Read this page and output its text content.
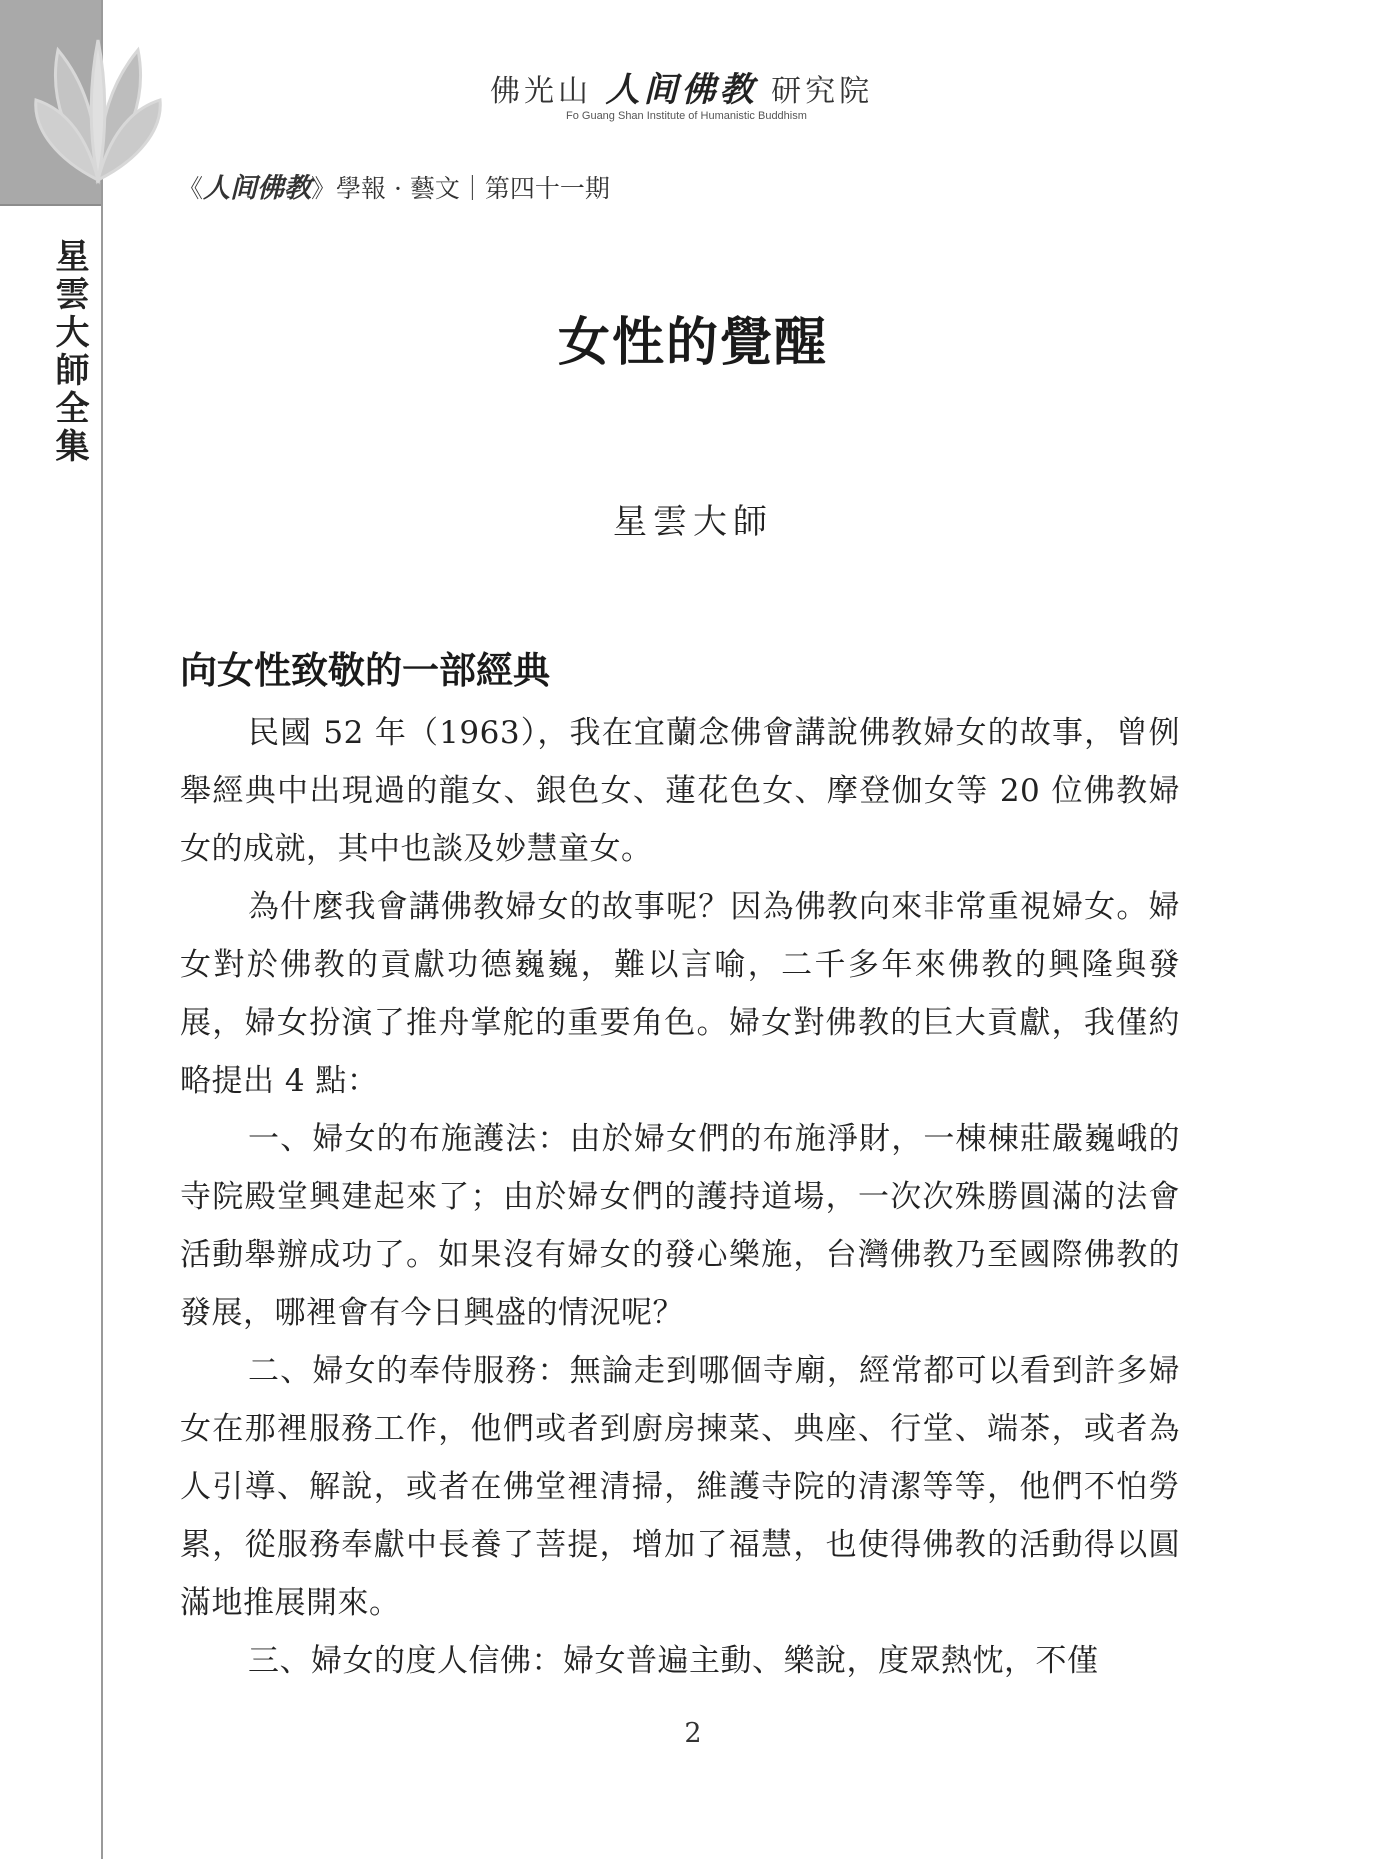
星雲大師全集
佛光山 人间佛教 研究院
Fo Guang Shan Institute of Humanistic Buddhism
《人间佛教》學報 · 藝文｜第四十一期
女性的覺醒
星雲大師
向女性致敬的一部經典

民國 52 年（1963），我在宜蘭念佛會講說佛教婦女的故事，曾例舉經典中出現過的龍女、銀色女、蓮花色女、摩登伽女等 20 位佛教婦女的成就，其中也談及妙慧童女。

為什麼我會講佛教婦女的故事呢？因為佛教向來非常重視婦女。婦女對於佛教的貢獻功德巍巍，難以言喻，二千多年來佛教的興隆與發展，婦女扮演了推舟掌舵的重要角色。婦女對佛教的巨大貢獻，我僅約略提出 4 點：

一、婦女的布施護法：由於婦女們的布施淨財，一棟棟莊嚴巍峨的寺院殿堂興建起來了；由於婦女們的護持道場，一次次殊勝圓滿的法會活動舉辦成功了。如果沒有婦女的發心樂施，台灣佛教乃至國際佛教的發展，哪裡會有今日興盛的情況呢？

二、婦女的奉侍服務：無論走到哪個寺廟，經常都可以看到許多婦女在那裡服務工作，他們或者到廚房揀菜、典座、行堂、端茶，或者為人引導、解說，或者在佛堂裡清掃，維護寺院的清潔等等，他們不怕勞累，從服務奉獻中長養了菩提，增加了福慧，也使得佛教的活動得以圓滿地推展開來。

三、婦女的度人信佛：婦女普遍主動、樂說，度眾熱忱，不僅

2
